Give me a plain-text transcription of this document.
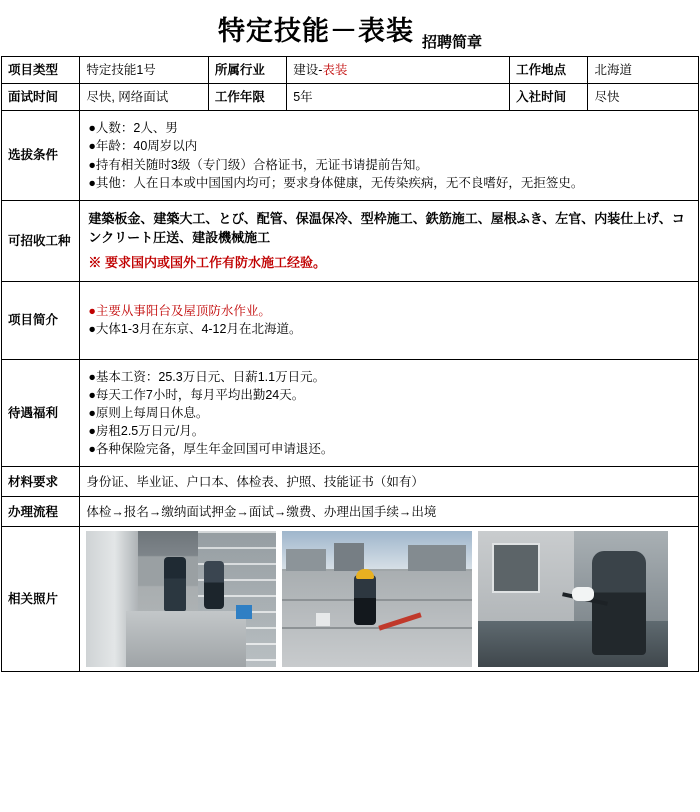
特定技能－表装 招聘简章
项目类型	特定技能1号	所属行业	建设-表装	工作地点	北海道
面试时间	尽快, 网络面试	工作年限	5年	入社时间	尽快
选拔条件	●人数：2人、男
●年龄：40周岁以内
●持有相关随时3级（专门级）合格证书，无证书请提前告知。
●其他：人在日本或中国国内均可；要求身体健康，无传染疾病，无不良嗜好，无拒签史。				

可招收工种	建築板金、建築大工、とび、配管、保温保冷、型枠施工、鉄筋施工、屋根ふき、左官、内装仕上げ、コンクリート圧送、建設機械施工
※ 要求国内或国外工作有防水施工经验。				

项目简介	●主要从事阳台及屋顶防水作业。
●大体1-3月在东京、4-12月在北海道。				

待遇福利	●基本工资：25.3万日元、日薪1.1万日元。
●每天工作7小时，每月平均出勤24天。
●原则上每周日休息。
●房租2.5万日元/月。
●各种保险完备，厚生年金回国可申请退还。				

材料要求	身份证、毕业证、户口本、体检表、护照、技能证书（如有）				
办理流程	体检→报名→缴纳面试押金→面试→缴费、办理出国手续→出境				
相关照片					
